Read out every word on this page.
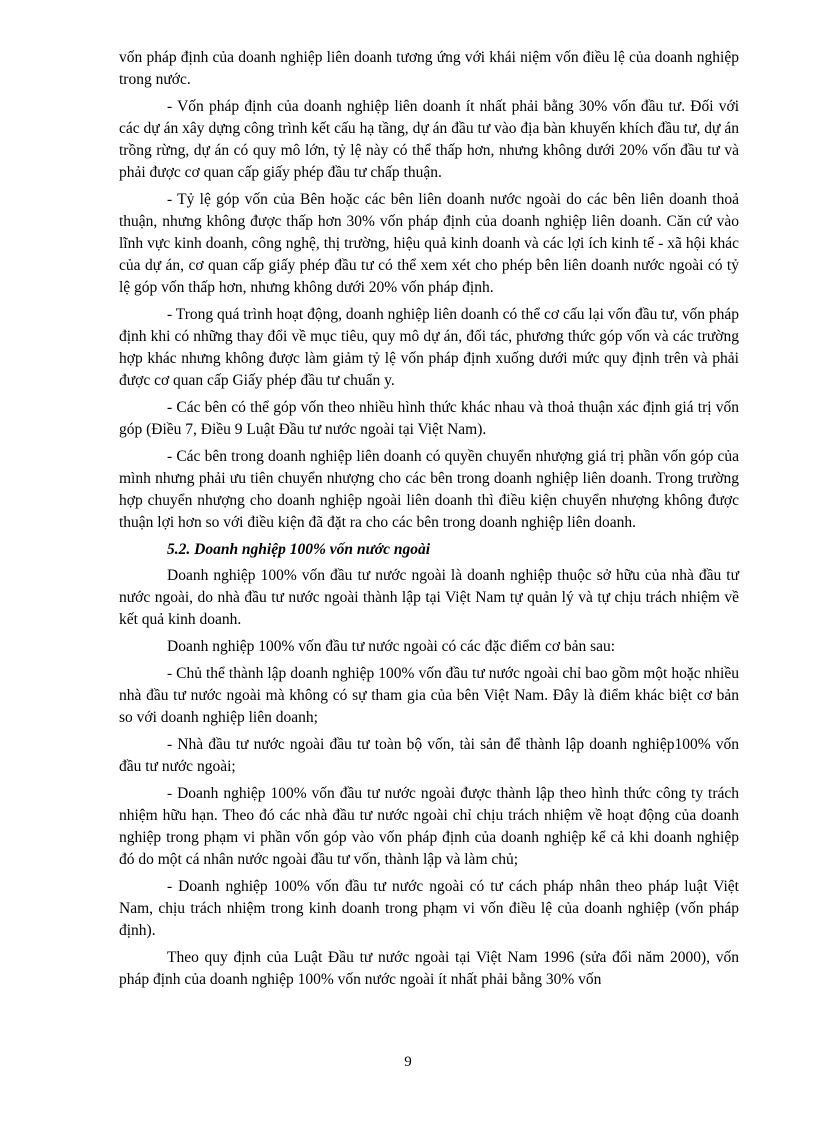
vốn pháp định của doanh nghiệp liên doanh tương ứng với khái niệm vốn điều lệ của doanh nghiệp trong nước.

- Vốn pháp định của doanh nghiệp liên doanh ít nhất phải bằng 30% vốn đầu tư. Đối với các dự án xây dựng công trình kết cấu hạ tầng, dự án đầu tư vào địa bàn khuyến khích đầu tư, dự án trồng rừng, dự án có quy mô lớn, tỷ lệ này có thể thấp hơn, nhưng không dưới 20% vốn đầu tư và phải được cơ quan cấp giấy phép đầu tư chấp thuận.

- Tỷ lệ góp vốn của Bên hoặc các bên liên doanh nước ngoài do các bên liên doanh thoả thuận, nhưng không được thấp hơn 30% vốn pháp định của doanh nghiệp liên doanh. Căn cứ vào lĩnh vực kinh doanh, công nghệ, thị trường, hiệu quả kinh doanh và các lợi ích kinh tế - xã hội khác của dự án, cơ quan cấp giấy phép đầu tư có thể xem xét cho phép bên liên doanh nước ngoài có tỷ lệ góp vốn thấp hơn, nhưng không dưới 20% vốn pháp định.

- Trong quá trình hoạt động, doanh nghiệp liên doanh có thể cơ cấu lại vốn đầu tư, vốn pháp định khi có những thay đổi về mục tiêu, quy mô dự án, đối tác, phương thức góp vốn và các trường hợp khác nhưng không được làm giảm tỷ lệ vốn pháp định xuống dưới mức quy định trên và phải được cơ quan cấp Giấy phép đầu tư chuẩn y.

- Các bên có thể góp vốn theo nhiều hình thức khác nhau và thoả thuận xác định giá trị vốn góp (Điều 7, Điều 9 Luật Đầu tư nước ngoài tại Việt Nam).

- Các bên trong doanh nghiệp liên doanh có quyền chuyển nhượng giá trị phần vốn góp của mình nhưng phải ưu tiên chuyển nhượng cho các bên trong doanh nghiệp liên doanh. Trong trường hợp chuyển nhượng cho doanh nghiệp ngoài liên doanh thì điều kiện chuyển nhượng không được thuận lợi hơn so với điều kiện đã đặt ra cho các bên trong doanh nghiệp liên doanh.

5.2. Doanh nghiệp 100% vốn nước ngoài

Doanh nghiệp 100% vốn đầu tư nước ngoài là doanh nghiệp thuộc sở hữu của nhà đầu tư nước ngoài, do nhà đầu tư nước ngoài thành lập tại Việt Nam tự quản lý và tự chịu trách nhiệm về kết quả kinh doanh.

Doanh nghiệp 100% vốn đầu tư nước ngoài có các đặc điểm cơ bản sau:

- Chủ thể thành lập doanh nghiệp 100% vốn đầu tư nước ngoài chỉ bao gồm một hoặc nhiều nhà đầu tư nước ngoài mà không có sự tham gia của bên Việt Nam. Đây là điểm khác biệt cơ bản so với doanh nghiệp liên doanh;

- Nhà đầu tư nước ngoài đầu tư toàn bộ vốn, tài sản để thành lập doanh nghiệp100% vốn đầu tư nước ngoài;

- Doanh nghiệp 100% vốn đầu tư nước ngoài được thành lập theo hình thức công ty trách nhiệm hữu hạn. Theo đó các nhà đầu tư nước ngoài chỉ chịu trách nhiệm về hoạt động của doanh nghiệp trong phạm vi phần vốn góp vào vốn pháp định của doanh nghiệp kể cả khi doanh nghiệp đó do một cá nhân nước ngoài đầu tư vốn, thành lập và làm chủ;

- Doanh nghiệp 100% vốn đầu tư nước ngoài có tư cách pháp nhân theo pháp luật Việt Nam, chịu trách nhiệm trong kinh doanh trong phạm vi vốn điều lệ của doanh nghiệp (vốn pháp định).

Theo quy định của Luật Đầu tư nước ngoài tại Việt Nam 1996 (sửa đổi năm 2000), vốn pháp định của doanh nghiệp 100% vốn nước ngoài ít nhất phải bằng 30% vốn

9
